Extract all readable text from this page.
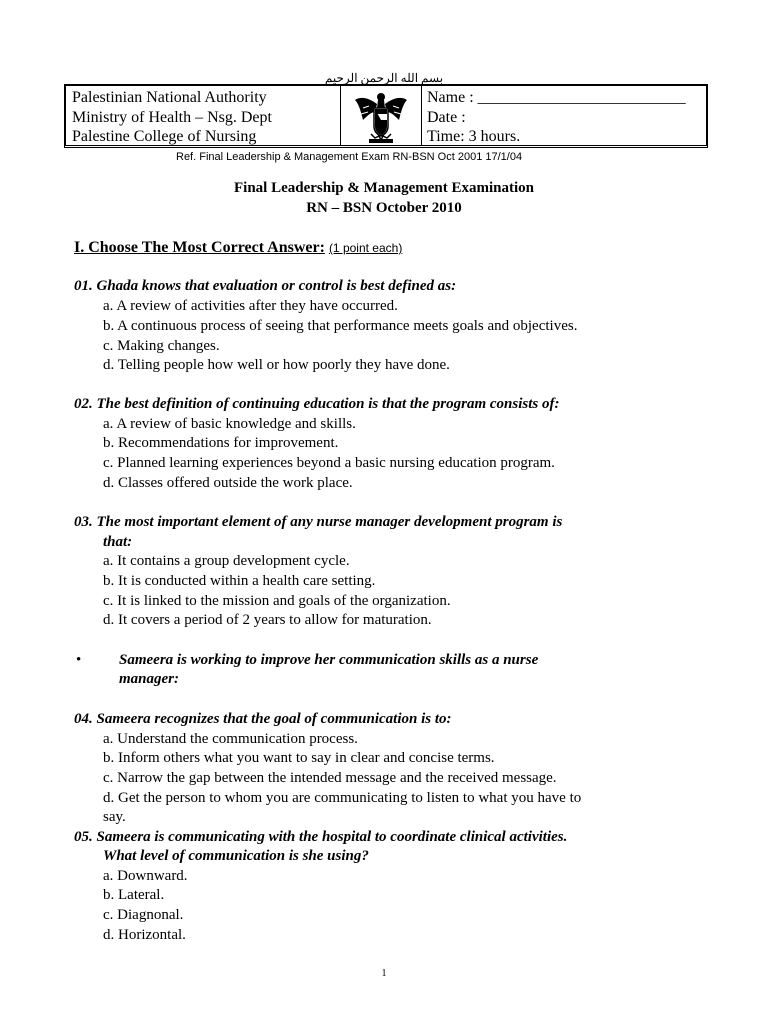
بسم الله الرحمن الرحيم
Palestinian National Authority
Ministry of Health – Nsg. Dept
Palestine College of Nursing
Name : __________________________
Date :
Time: 3 hours.
Ref. Final Leadership & Management Exam RN-BSN Oct 2001 17/1/04
Final Leadership & Management Examination
RN – BSN October 2010
I. Choose The Most Correct Answer: (1 point each)
01. Ghada knows that evaluation or control is best defined as:
a. A review of activities after they have occurred.
b. A continuous process of seeing that performance meets goals and objectives.
c. Making changes.
d. Telling people how well or how poorly they have done.
02. The best definition of continuing education is that the program consists of:
a. A review of basic knowledge and skills.
b. Recommendations for improvement.
c. Planned learning experiences beyond a basic nursing education program.
d. Classes offered outside the work place.
03. The most important element of any nurse manager development program is
that:
a. It contains a group development cycle.
b. It is conducted within a health care setting.
c. It is linked to the mission and goals of the organization.
d. It covers a period of 2 years to allow for maturation.
•	Sameera is working to improve her communication skills as a nurse
manager:
04. Sameera recognizes that the goal of communication is to:
a. Understand the communication process.
b. Inform others what you want to say in clear and concise terms.
c. Narrow the gap between the intended message and the received message.
d. Get the person to whom you are communicating to listen to what you have to
say.
05. Sameera is communicating with the hospital to coordinate clinical activities.
What level of communication is she using?
a. Downward.
b. Lateral.
c. Diagnonal.
d. Horizontal.
1
